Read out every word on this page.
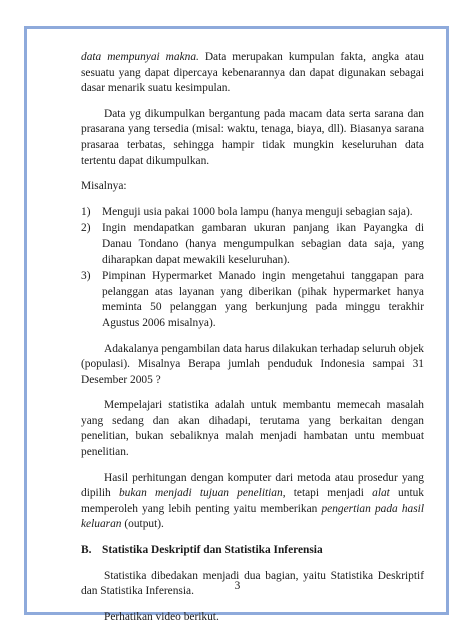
data mempunyai makna. Data merupakan kumpulan fakta, angka atau sesuatu yang dapat dipercaya kebenarannya dan dapat digunakan sebagai dasar menarik suatu kesimpulan.

Data yg dikumpulkan bergantung pada macam data serta sarana dan prasarana yang tersedia (misal: waktu, tenaga, biaya, dll). Biasanya sarana prasaraa terbatas, sehingga hampir tidak mungkin keseluruhan data tertentu dapat dikumpulkan.

Misalnya:

1) Menguji usia pakai 1000 bola lampu (hanya menguji sebagian saja).
2) Ingin mendapatkan gambaran ukuran panjang ikan Payangka di Danau Tondano (hanya mengumpulkan sebagian data saja, yang diharapkan dapat mewakili keseluruhan).
3) Pimpinan Hypermarket Manado ingin mengetahui tanggapan para pelanggan atas layanan yang diberikan (pihak hypermarket hanya meminta 50 pelanggan yang berkunjung pada minggu terakhir Agustus 2006 misalnya).

Adakalanya pengambilan data harus dilakukan terhadap seluruh objek (populasi). Misalnya Berapa jumlah penduduk Indonesia sampai 31 Desember 2005 ?

Mempelajari statistika adalah untuk membantu memecah masalah yang sedang dan akan dihadapi, terutama yang berkaitan dengan penelitian, bukan sebaliknya malah menjadi hambatan untu membuat penelitian.

Hasil perhitungan dengan komputer dari metoda atau prosedur yang dipilih bukan menjadi tujuan penelitian, tetapi menjadi alat untuk memperoleh yang lebih penting yaitu memberikan pengertian pada hasil keluaran (output).

B. Statistika Deskriptif dan Statistika Inferensia

Statistika dibedakan menjadi dua bagian, yaitu Statistika Deskriptif dan Statistika Inferensia.

Perhatikan video berikut.

3
